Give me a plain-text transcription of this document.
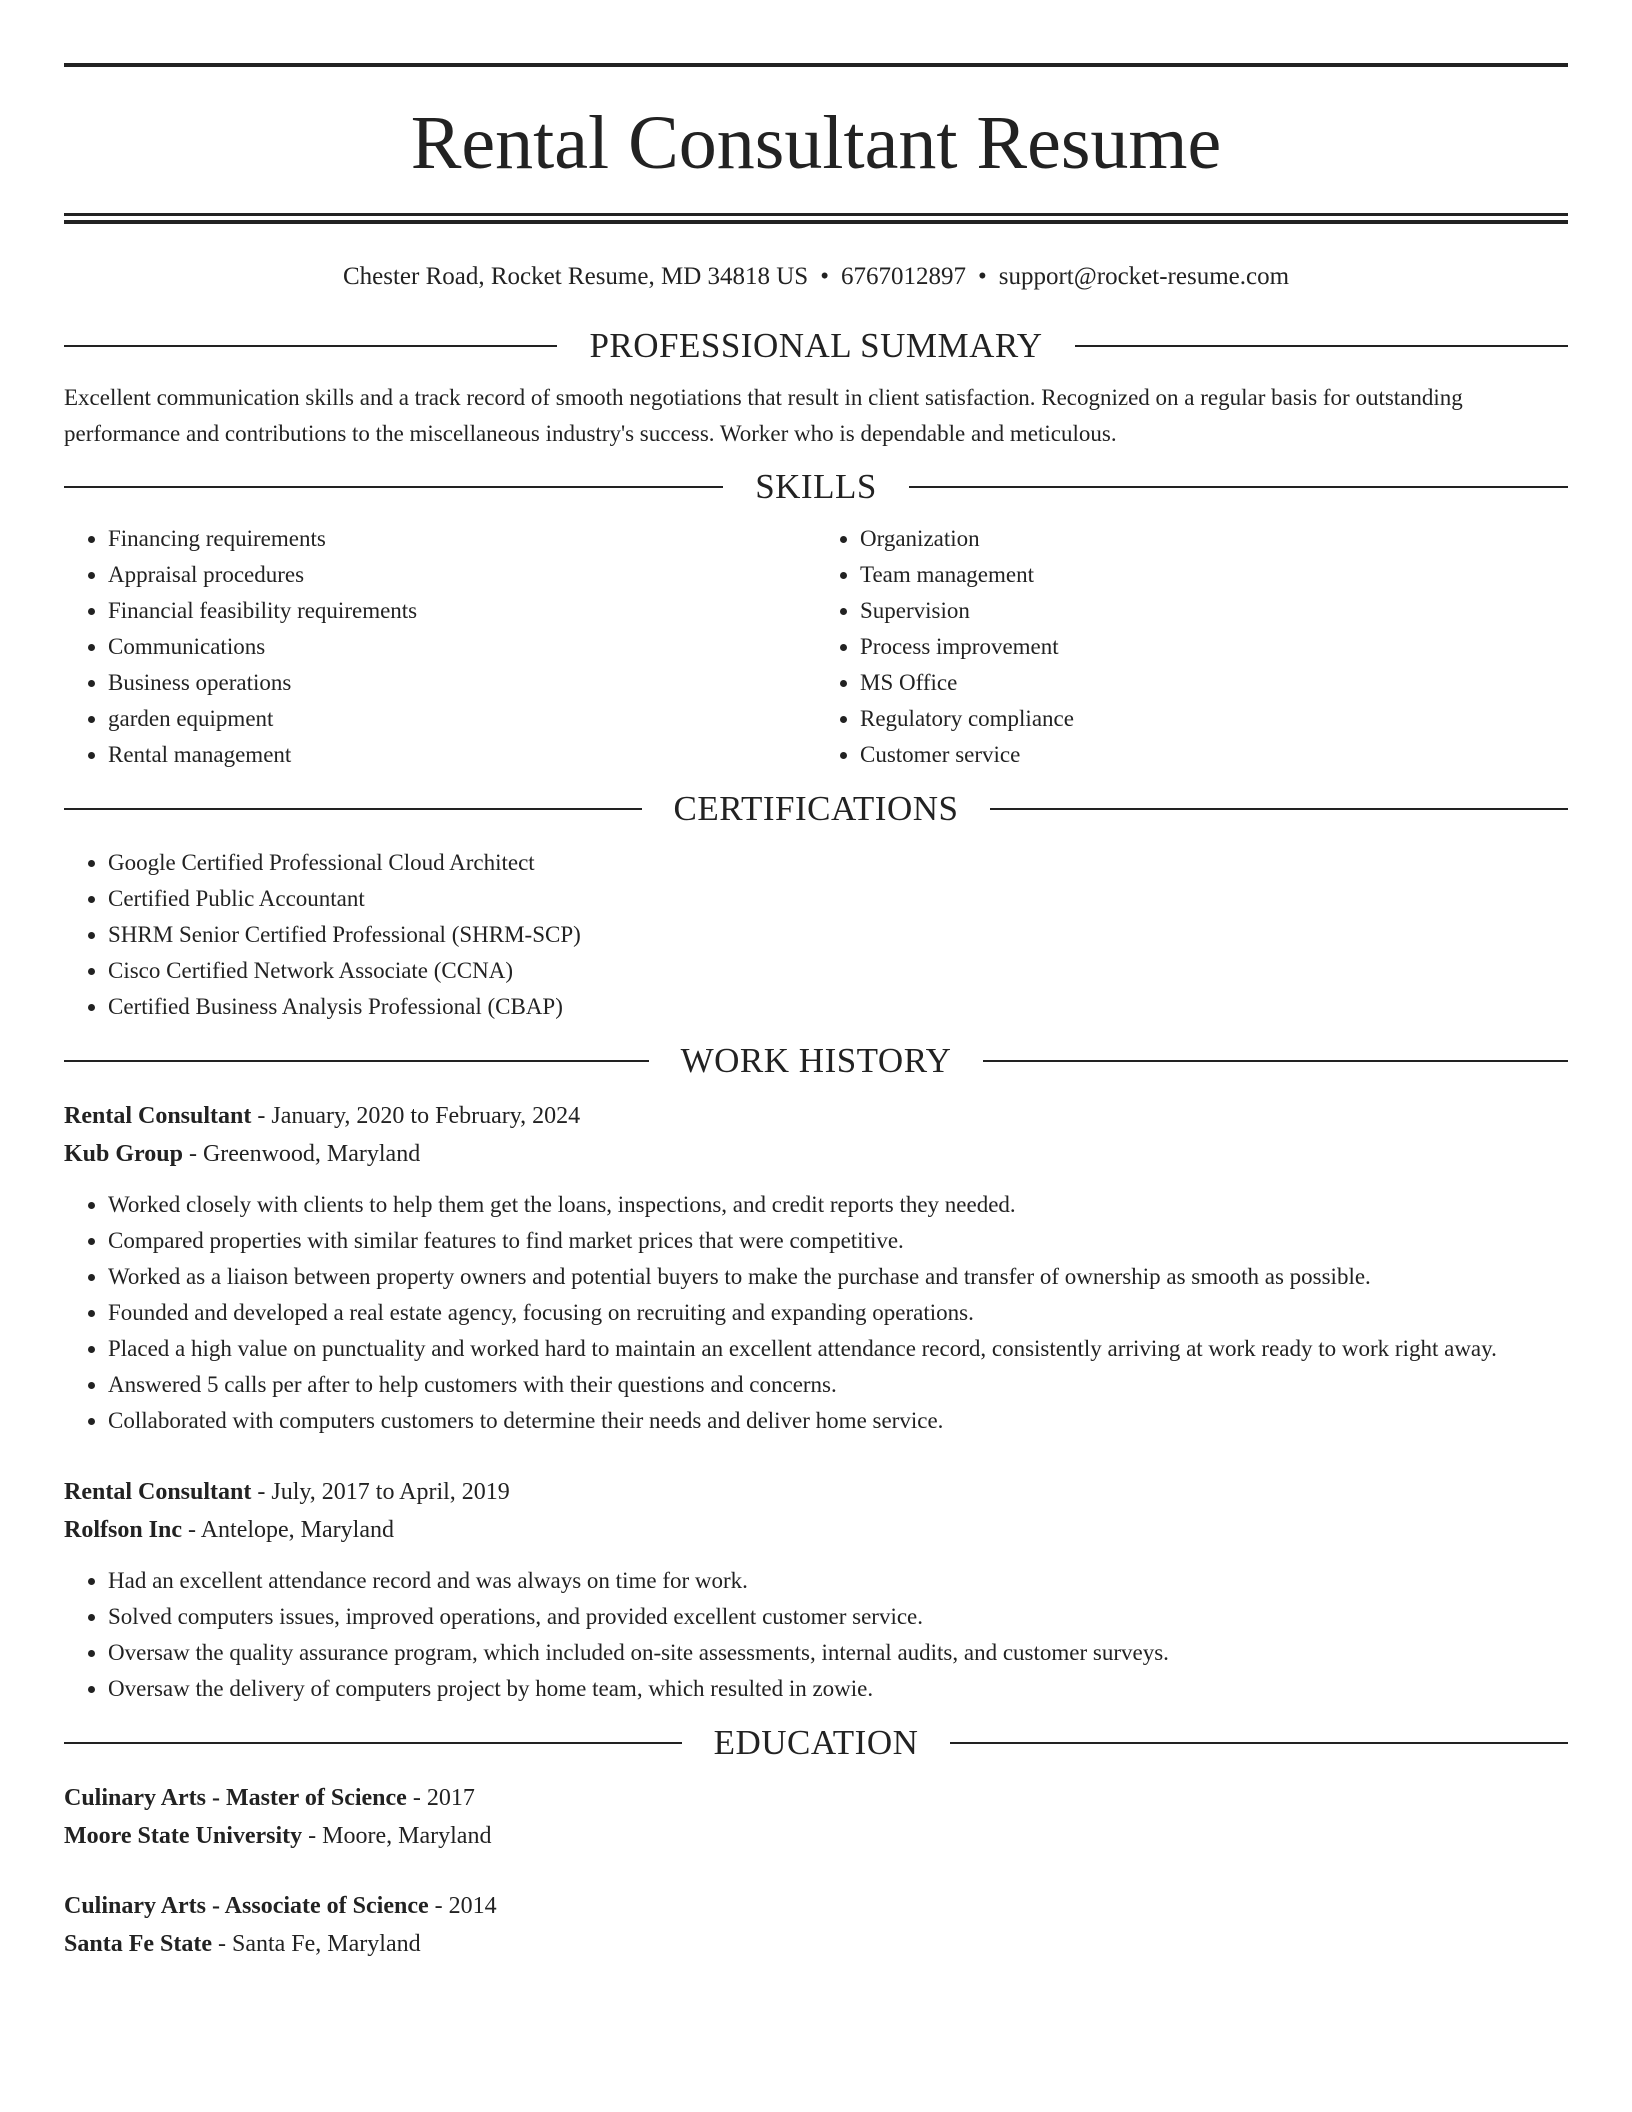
Rental Consultant Resume
Chester Road, Rocket Resume, MD 34818 US • 6767012897 • support@rocket-resume.com
PROFESSIONAL SUMMARY

Excellent communication skills and a track record of smooth negotiations that result in client satisfaction. Recognized on a regular basis for outstanding performance and contributions to the miscellaneous industry's success. Worker who is dependable and meticulous.

SKILLS
• Financing requirements
• Appraisal procedures
• Financial feasibility requirements
• Communications
• Business operations
• garden equipment
• Rental management
• Organization
• Team management
• Supervision
• Process improvement
• MS Office
• Regulatory compliance
• Customer service
CERTIFICATIONS
• Google Certified Professional Cloud Architect
• Certified Public Accountant
• SHRM Senior Certified Professional (SHRM-SCP)
• Cisco Certified Network Associate (CCNA)
• Certified Business Analysis Professional (CBAP)
WORK HISTORY
Rental Consultant - January, 2020 to February, 2024
Kub Group - Greenwood, Maryland
• Worked closely with clients to help them get the loans, inspections, and credit reports they needed.
• Compared properties with similar features to find market prices that were competitive.
• Worked as a liaison between property owners and potential buyers to make the purchase and transfer of ownership as smooth as possible.
• Founded and developed a real estate agency, focusing on recruiting and expanding operations.
• Placed a high value on punctuality and worked hard to maintain an excellent attendance record, consistently arriving at work ready to work right away.
• Answered 5 calls per after to help customers with their questions and concerns.
• Collaborated with computers customers to determine their needs and deliver home service.
Rental Consultant - July, 2017 to April, 2019
Rolfson Inc - Antelope, Maryland
• Had an excellent attendance record and was always on time for work.
• Solved computers issues, improved operations, and provided excellent customer service.
• Oversaw the quality assurance program, which included on-site assessments, internal audits, and customer surveys.
• Oversaw the delivery of computers project by home team, which resulted in zowie.
EDUCATION
Culinary Arts - Master of Science - 2017
Moore State University - Moore, Maryland
Culinary Arts - Associate of Science - 2014
Santa Fe State - Santa Fe, Maryland
